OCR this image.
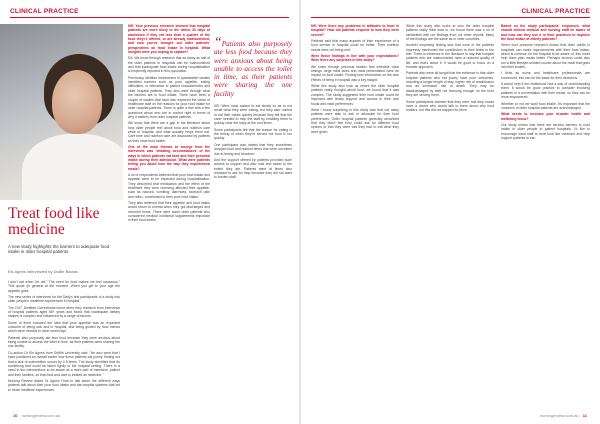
CLINICAL PRACTICE
Treat food like medicine
A new study highlights the barriers to adequate food intake in older hospital patients
Els Agnes interviewed by Dulliie Bactas

I don't eat when I'm old." The need for food makes me feel nauseous." This quote (in general at the moment. When you get to your age the appetite goes

The new series of interviews for the Daily's first participants of a study into older people's mealtime experiences in hospital.

The OUT, Dietitian Correctional found when they research from interviews of hospital patients aged 65+ years and found that inadequate dietary intakes is complex and influenced by a range of factors.

Some of them included the idea that poor appetite was an expected outcome of being sick and in hospital, and being guided by food menus which were needed to clear meal trays.

Patients also purposely ate less food because they were anxious about being unable to access the toilet in time, as their patients were sharing the one facility.

Co-author Dr Els Agnes from Griffith University said: "He also went that I have published an overall earlier how these patients eat poorly, finding out that a lack of malnutrition occurs by 2-5 times. The study identified that it's something that could be taken lightly in the hospital setting. There is a need in the interventions to be aware as a more part of members, patient and their families, so that food and care is treated as medicine."

Nursing Review asked Dr Agnes Hunt to talk about the different ways patients talk about their poor food intake and the hospital systems that led to those mealtime experiences.

NR: Your previous research showed that hospital patients are more likely to die within 30 days of admission if they eat less than a quarter of the food they're offered, or are already malnourished, and now you've brought out older patients' perspectives on food intake in hospital. What insights were you hoping to capture?

EA: We know through research that as many as half of the older patients in hospitals can be malnourished and that inadequate food intake during hospitalisation is frequently reported in this population.

Previously, dietitian researchers in quantitative studies identified barriers such as poor appetite, eating difficulties, or relevance to patient characteristics and older hospital patients. They also went through what the barriers are to food intake. There have been a couple of studies that have also explored the views of healthcare staff on the reasons for poor food intake for older hospital patients. There is quite a few with a few questions about who are in control right in terms of why it matters from older hospital patients.

We know that there are a gap in the literature about how older people feel about food and nutrition care while in hospital, and what actually helps them eat. Care time and nutrition care are discussed by patients as their most food intake.

One of the main themes to emerge from the interviews was 'sedating circumstances' of the ways in which patients eat food and their personal intake during their admission. What were patients telling you about how the way they experienced meals?

A lot of respondents believed that poor food intake and appetite were to be expected during hospitalisation. They described that medication and the effect of the treatment they were receiving affected their appetite, such as nausea, vomiting, diarrhoea, stomach pain and reflux, contributed to their poor food intake.

They also believed that their appetite and food intake would return to normal when they got discharged and returned home. There were some older patients who considered medical nutritional supplements important in their food intake.

“Patients also purposely ate less food because they were anxious about being unable to access the toilet in time, as their patients were sharing the one facility

NR: Were most waited to eat slowly so as to not recall what they were eating, but they also rushed to eat their meals quickly because they felt that the carer needed to help the staff by enabling them to quickly clear the trays at the end times.

Some participants felt that the reason for eating is the timing of when they're served hot food is too quickly.

One participant also stated that they sometimes dropped food and nutrient items that were not eaten due to timing and structure.

And the support offered by patients provided such access to support and also hold and assist to the extent they ate. Patients were at times also reluctant to ask for help because they did not want to burden staff.

10 nursingreview.com.au
CLINICAL PRACTICE

NR: Were there any problems in attitudes to food in hospital? How did patients respond to how they were served?

Patients said that many aspects of their experience of a food service in hospital could be better. Their nutrition needs were not being met.

Were those findings in line with your expectations? Were there any surprises in this study?

We knew through previous studies that inflexible meal timings, large meal sizes and meal presentation have an impact on food intake. Finding new information on the side effects of being in hospital was a key insight.

While this study also took us where the older hospital patients really thought about food, we found that it was complex. The study suggested their food intake could be improved with timely support and access to their own foods and meal preferences.

What I found surprising in this study was that not many patients were able to ask or advocate for their food preferences. Older hospital patients generally described that they didn't feel they could ask for different food options or that they were told they had to eat what they were given.

While this study also looks at who the older hospital patients really think food is, we found there was a lot of similarities with our findings from our other reports. Many of the findings are the same as in other countries.

Another surprising finding was that none of the patients expressly mentioned the contribution to their limits in the diet. There is evidence in the literature to say that hospital patients who are malnourished have a reduced quality of life, and that's about it. It would be good to focus on a broader approach.

Patients also were all taught that the evidence is that older hospital patients who eat poorly have poor outcomes, including a longer length of stay, higher risk of readmission and an increased risk of death. They may be disadvantaged by staff not focusing enough on the food they are serving them.

Some participants claimed that they were told they would have a doctor who would talk to them about why food matters, but this did not happen for them.

Based on the study participants' responses, what should clinical medical and nursing staff be aware of and how can they use it in their practices to improve the food intake of elderly patients?

When food pressure research shows that older adults in hospitals can make improvements with their food intake, which is common for the hospital to be aware of, this could help them plan meals better. Perhaps doctors could also run a little lifestyle-minded course about the meal that goes into their bodies.

I think as nurse and healthcare professionals are concerned, this can be the basis for their decisions.

It would help if the institutions had a way of understanding them. It would be good practice to consider involving patients in a conversation with their meals, so they can be more empowered.

Whether or not we want food intake, it's important that the concerns of older hospital patients are acknowledged.

What needs to increase your broader health and wellbeing focus?

Our study shows that there are serious barriers to food intake in older people in patient hospitals. I'd like to encourage ward staff to treat food like medicine and help support patients to eat.

nursingreview.com.au 11
